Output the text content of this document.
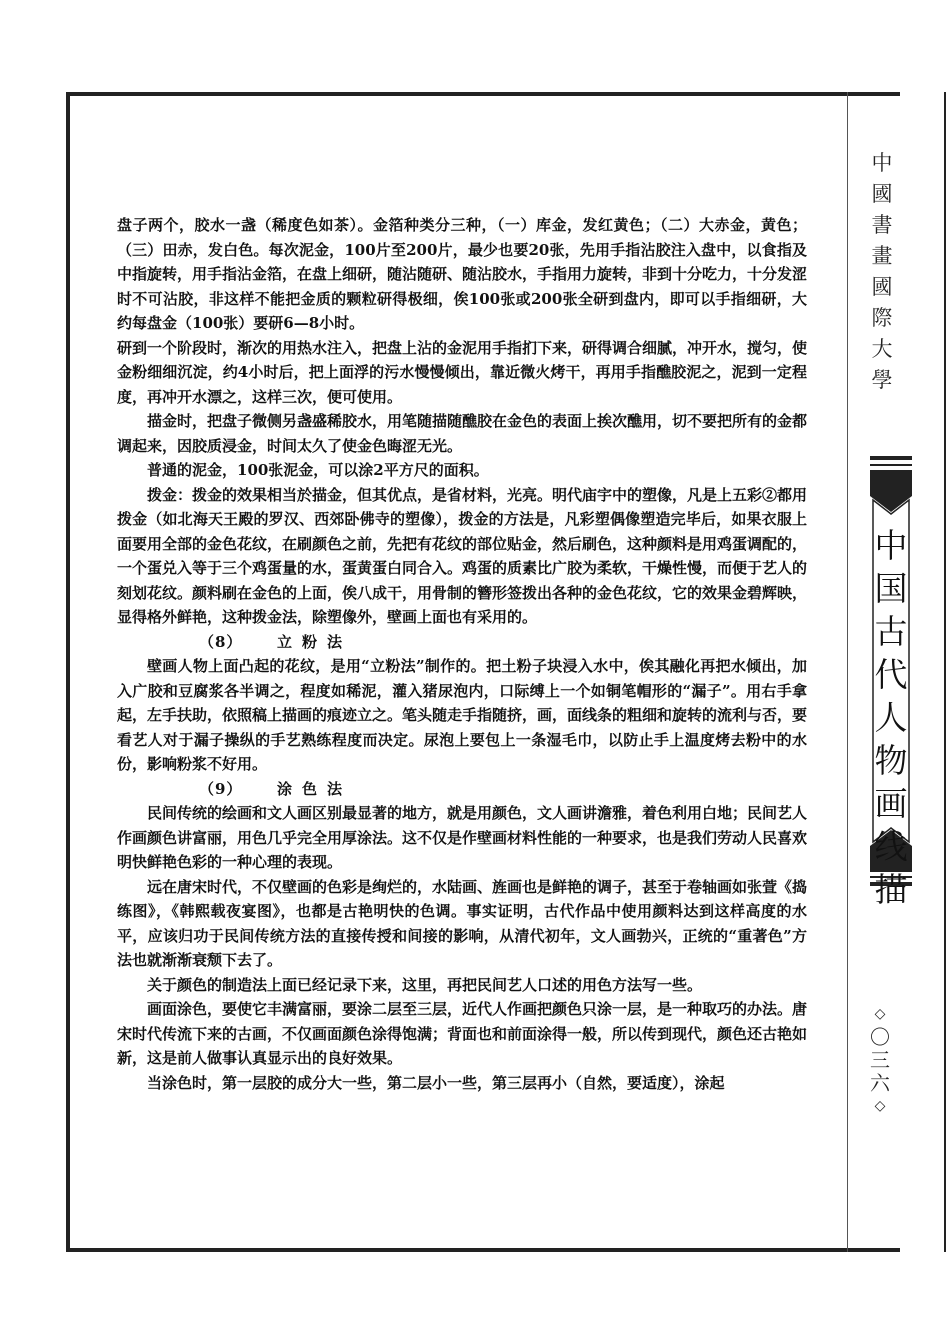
盘子两个，胶水一盏（稀度色如茶）。金箔种类分三种，（一）库金，发红黄色；（二）大赤金，黄色；（三）田赤，发白色。每次泥金，100片至200片，最少也要20张，先用手指沾胶注入盘中，以食指及中指旋转，用手指沾金箔，在盘上细研，随沾随研、随沾胶水，手指用力旋转，非到十分吃力，十分发涩时不可沾胶，非这样不能把金质的颗粒研得极细，俟100张或200张全研到盘内，即可以手指细研，大约每盘金（100张）要研6—8小时。

研到一个阶段时，渐次的用热水注入，把盘上沾的金泥用手指扪下来，研得调合细腻，冲开水，搅匀，使金粉细细沉淀，约4小时后，把上面浮的污水慢慢倾出，靠近微火烤干，再用手指醮胶泥之，泥到一定程度，再冲开水漂之，这样三次，便可使用。

描金时，把盘子微侧另盏盛稀胶水，用笔随描随醮胶在金色的表面上挨次醮用，切不要把所有的金都调起来，因胶质浸金，时间太久了使金色晦涩无光。

普通的泥金，100张泥金，可以涂2平方尺的面积。

拨金：拨金的效果相当於描金，但其优点，是省材料，光亮。明代庙宇中的塑像，凡是上五彩②都用拨金（如北海天王殿的罗汉、西郊卧佛寺的塑像），拨金的方法是，凡彩塑偶像塑造完毕后，如果衣服上面要用全部的金色花纹，在刷颜色之前，先把有花纹的部位贴金，然后刷色，这种颜料是用鸡蛋调配的，一个蛋兑入等于三个鸡蛋量的水，蛋黄蛋白同合入。鸡蛋的质素比广胶为柔软，干燥性慢，而便于艺人的刻划花纹。颜料刷在金色的上面，俟八成干，用骨制的簪形签拨出各种的金色花纹，它的效果金碧辉映，显得格外鲜艳，这种拨金法，除塑像外，壁画上面也有采用的。

（8） 立粉法

壁画人物上面凸起的花纹，是用“立粉法”制作的。把土粉子块浸入水中，俟其融化再把水倾出，加入广胶和豆腐浆各半调之，程度如稀泥，灌入猪尿泡内，口际缚上一个如铜笔帽形的“漏子”。用右手拿起，左手扶助，依照稿上描画的痕迹立之。笔头随走手指随挤，画，面线条的粗细和旋转的流利与否，要看艺人对于漏子操纵的手艺熟练程度而决定。尿泡上要包上一条湿毛巾，以防止手上温度烤去粉中的水份，影响粉浆不好用。

（9） 涂色法

民间传统的绘画和文人画区别最显著的地方，就是用颜色，文人画讲澹雅，着色利用白地；民间艺人作画颜色讲富丽，用色几乎完全用厚涂法。这不仅是作壁画材料性能的一种要求，也是我们劳动人民喜欢明快鲜艳色彩的一种心理的表现。

远在唐宋时代，不仅壁画的色彩是绚烂的，水陆画、旌画也是鲜艳的调子，甚至于卷轴画如张萱《捣练图》，《韩熙载夜宴图》，也都是古艳明快的色调。事实证明，古代作品中使用颜料达到这样高度的水平，应该归功于民间传统方法的直接传授和间接的影响，从清代初年，文人画勃兴，正统的“重著色”方法也就渐渐衰颓下去了。

关于颜色的制造法上面已经记录下来，这里，再把民间艺人口述的用色方法写一些。

画面涂色，要使它丰满富丽，要涂二层至三层，近代人作画把颜色只涂一层，是一种取巧的办法。唐宋时代传流下来的古画，不仅画面颜色涂得饱满；背面也和前面涂得一般，所以传到现代，颜色还古艳如新，这是前人做事认真显示出的良好效果。

当涂色时，第一层胶的成分大一些，第二层小一些，第三层再小（自然，要适度），涂起

中
國
書
畫
國
際
大
學
中
国
古
代
人
物
画
线
描
◇
〇
三
六
◇
